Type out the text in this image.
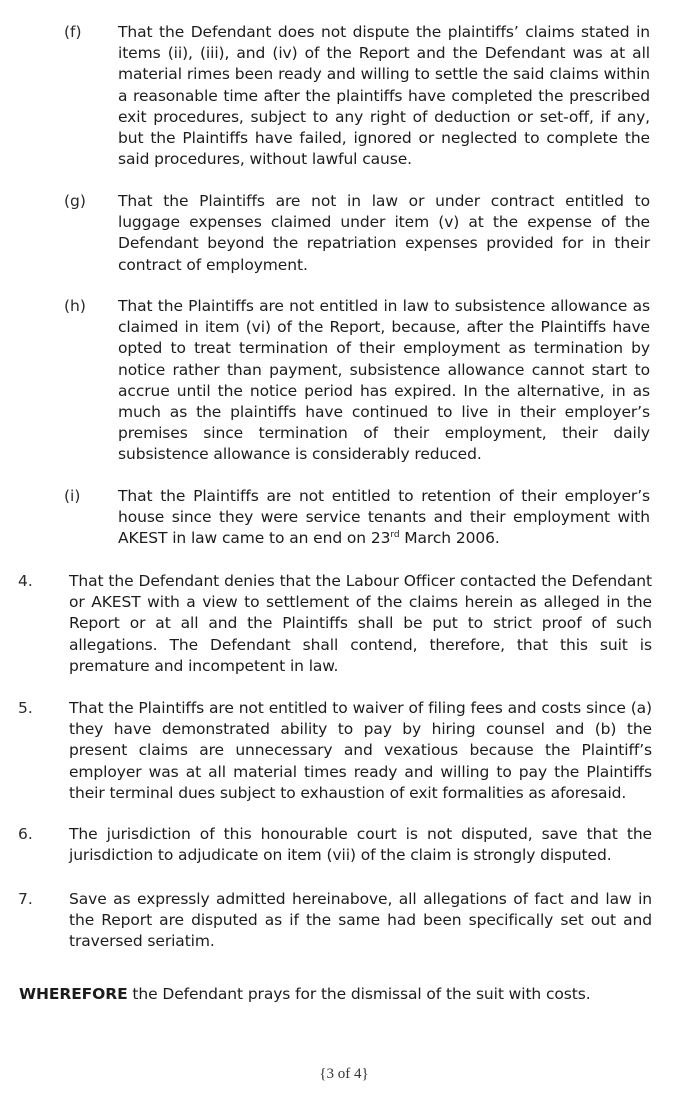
(f) That the Defendant does not dispute the plaintiffs’ claims stated in items (ii), (iii), and (iv) of the Report and the Defendant was at all material rimes been ready and willing to settle the said claims within a reasonable time after the plaintiffs have completed the prescribed exit procedures, subject to any right of deduction or set-off, if any, but the Plaintiffs have failed, ignored or neglected to complete the said procedures, without lawful cause.
(g) That the Plaintiffs are not in law or under contract entitled to luggage expenses claimed under item (v) at the expense of the Defendant beyond the repatriation expenses provided for in their contract of employment.
(h) That the Plaintiffs are not entitled in law to subsistence allowance as claimed in item (vi) of the Report, because, after the Plaintiffs have opted to treat termination of their employment as termination by notice rather than payment, subsistence allowance cannot start to accrue until the notice period has expired. In the alternative, in as much as the plaintiffs have continued to live in their employer’s premises since termination of their employment, their daily subsistence allowance is considerably reduced.
(i) That the Plaintiffs are not entitled to retention of their employer’s house since they were service tenants and their employment with AKEST in law came to an end on 23rd March 2006.
4. That the Defendant denies that the Labour Officer contacted the Defendant or AKEST with a view to settlement of the claims herein as alleged in the Report or at all and the Plaintiffs shall be put to strict proof of such allegations. The Defendant shall contend, therefore, that this suit is premature and incompetent in law.
5. That the Plaintiffs are not entitled to waiver of filing fees and costs since (a) they have demonstrated ability to pay by hiring counsel and (b) the present claims are unnecessary and vexatious because the Plaintiff’s employer was at all material times ready and willing to pay the Plaintiffs their terminal dues subject to exhaustion of exit formalities as aforesaid.
6. The jurisdiction of this honourable court is not disputed, save that the jurisdiction to adjudicate on item (vii) of the claim is strongly disputed.
7. Save as expressly admitted hereinabove, all allegations of fact and law in the Report are disputed as if the same had been specifically set out and traversed seriatim.
WHEREFORE the Defendant prays for the dismissal of the suit with costs.
{3 of 4}
